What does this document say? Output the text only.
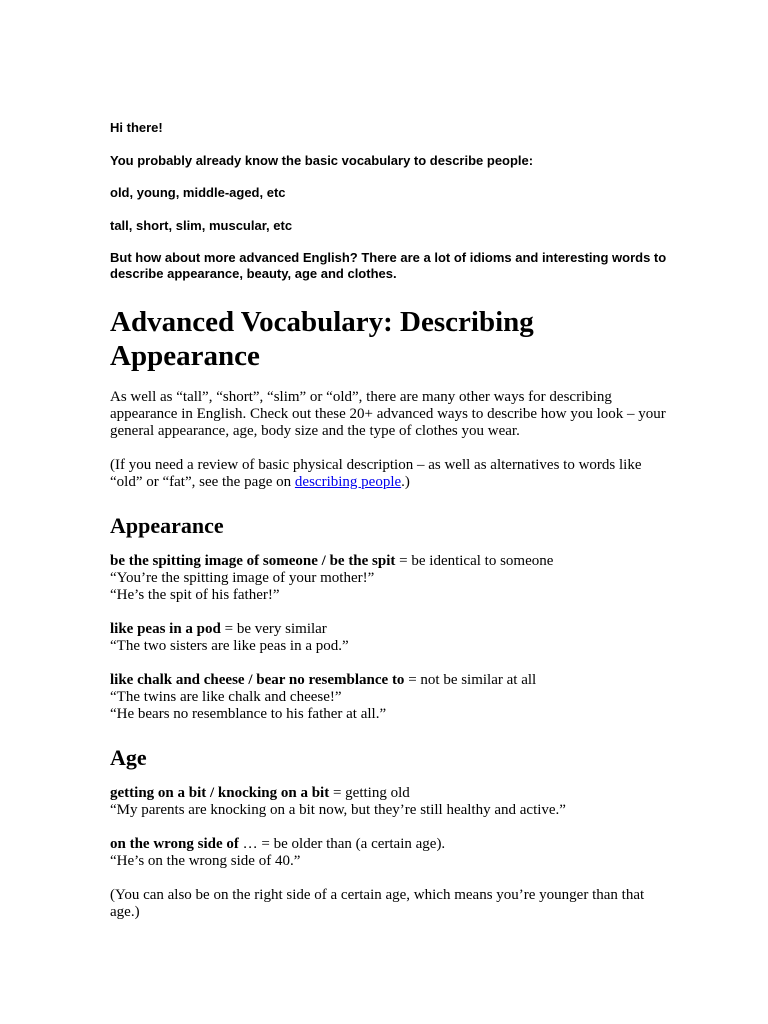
Hi there!

You probably already know the basic vocabulary to describe people:

old, young, middle-aged, etc

tall, short, slim, muscular, etc

But how about more advanced English? There are a lot of idioms and interesting words to describe appearance, beauty, age and clothes.

Advanced Vocabulary: Describing Appearance

As well as “tall”, “short”, “slim” or “old”, there are many other ways for describing appearance in English. Check out these 20+ advanced ways to describe how you look – your general appearance, age, body size and the type of clothes you wear.

(If you need a review of basic physical description – as well as alternatives to words like “old” or “fat”, see the page on describing people.)

Appearance
be the spitting image of someone / be the spit = be identical to someone
“You’re the spitting image of your mother!”
“He’s the spit of his father!”
like peas in a pod = be very similar
“The two sisters are like peas in a pod.”
like chalk and cheese / bear no resemblance to = not be similar at all
“The twins are like chalk and cheese!”
“He bears no resemblance to his father at all.”
Age
getting on a bit / knocking on a bit = getting old
“My parents are knocking on a bit now, but they’re still healthy and active.”
on the wrong side of … = be older than (a certain age).
“He’s on the wrong side of 40.”

(You can also be on the right side of a certain age, which means you’re younger than that age.)
